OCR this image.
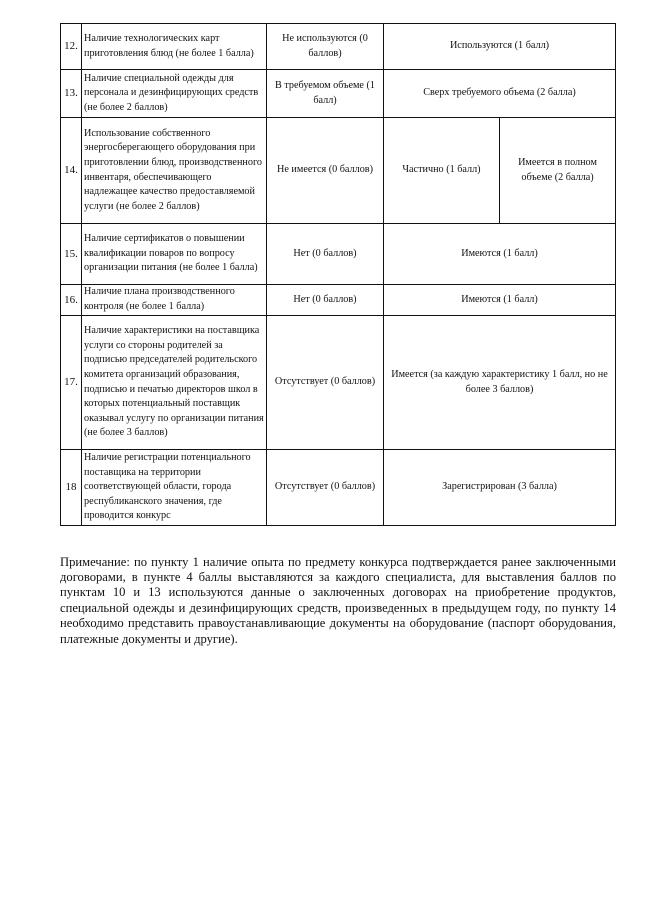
12.	Наличие технологических карт приготовления блюд (не более 1 балла)	Не используются (0 баллов)	Используются (1 балл)	
13.	Наличие специальной одежды для персонала и дезинфицирующих средств (не более 2 баллов)	В требуемом объеме (1 балл)	Сверх требуемого объема (2 балла)	
14.	Использование собственного энергосберегающего оборудования при приготовлении блюд, производственного инвентаря, обеспечивающего надлежащее качество предоставляемой услуги (не более 2 баллов)	Не имеется (0 баллов)	Частично (1 балл)	Имеется в полном объеме (2 балла)
15.	Наличие сертификатов о повышении квалификации поваров по вопросу организации питания (не более 1 балла)	Нет (0 баллов)	Имеются (1 балл)	
16.	Наличие плана производственного контроля (не более 1 балла)	Нет (0 баллов)	Имеются (1 балл)	
17.	Наличие характеристики на поставщика услуги со стороны родителей за подписью председателей родительского комитета организаций образования, подписью и печатью директоров школ в которых потенциальный поставщик оказывал услугу по организации питания (не более 3 баллов)	Отсутствует (0 баллов)	Имеется (за каждую характеристику 1 балл, но не более 3 баллов)	
18	Наличие регистрации потенциального поставщика на территории соответствующей области, города республиканского значения, где проводится конкурс	Отсутствует (0 баллов)	Зарегистрирован (3 балла)	

Примечание: по пункту 1 наличие опыта по предмету конкурса подтверждается ранее заключенными договорами, в пункте 4 баллы выставляются за каждого специалиста, для выставления баллов по пунктам 10 и 13 используются данные о заключенных договорах на приобретение продуктов, специальной одежды и дезинфицирующих средств, произведенных в предыдущем году, по пункту 14 необходимо представить правоустанавливающие документы на оборудование (паспорт оборудования, платежные документы и другие).
